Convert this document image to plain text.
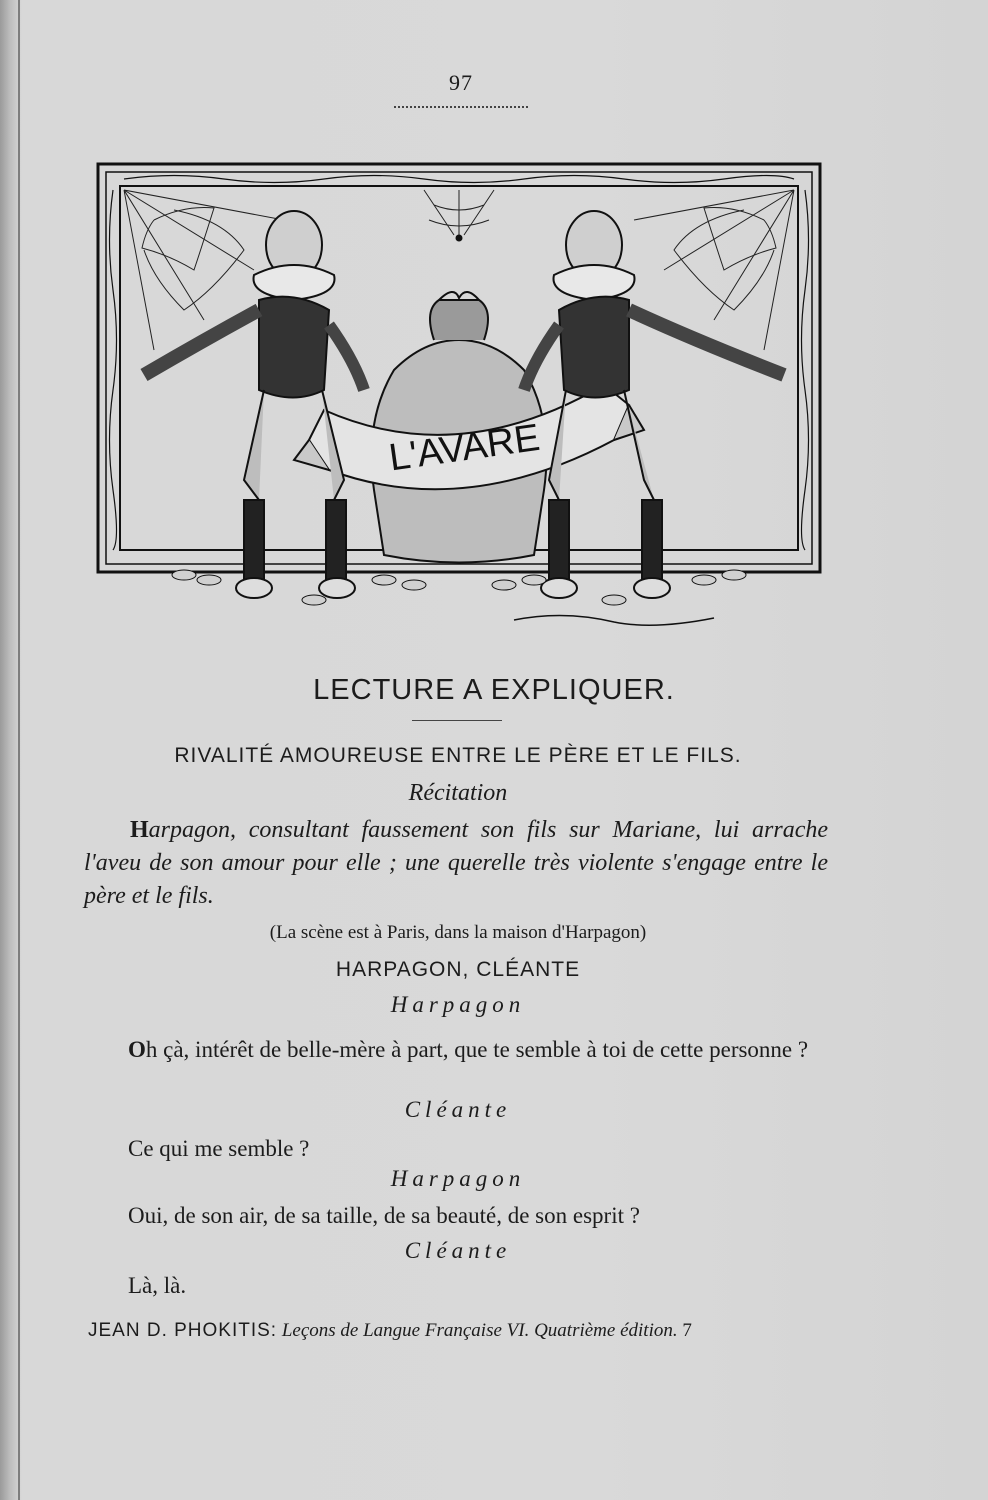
97
L'AVARE
LECTURE A EXPLIQUER.
RIVALITÉ AMOUREUSE ENTRE LE PÈRE ET LE FILS.
Récitation
Harpagon, consultant faussement son fils sur Mariane, lui arrache l'aveu de son amour pour elle ; une querelle très violente s'engage entre le père et le fils.
(La scène est à Paris, dans la maison d'Harpagon)
HARPAGON, CLÉANTE
Harpagon
Oh çà, intérêt de belle-mère à part, que te semble à toi de cette personne ?
Cléante
Ce qui me semble ?
Harpagon
Oui, de son air, de sa taille, de sa beauté, de son esprit ?
Cléante
Là, là.
JEAN D. PHOKITIS: Leçons de Langue Française VI. Quatrième édition. 7
